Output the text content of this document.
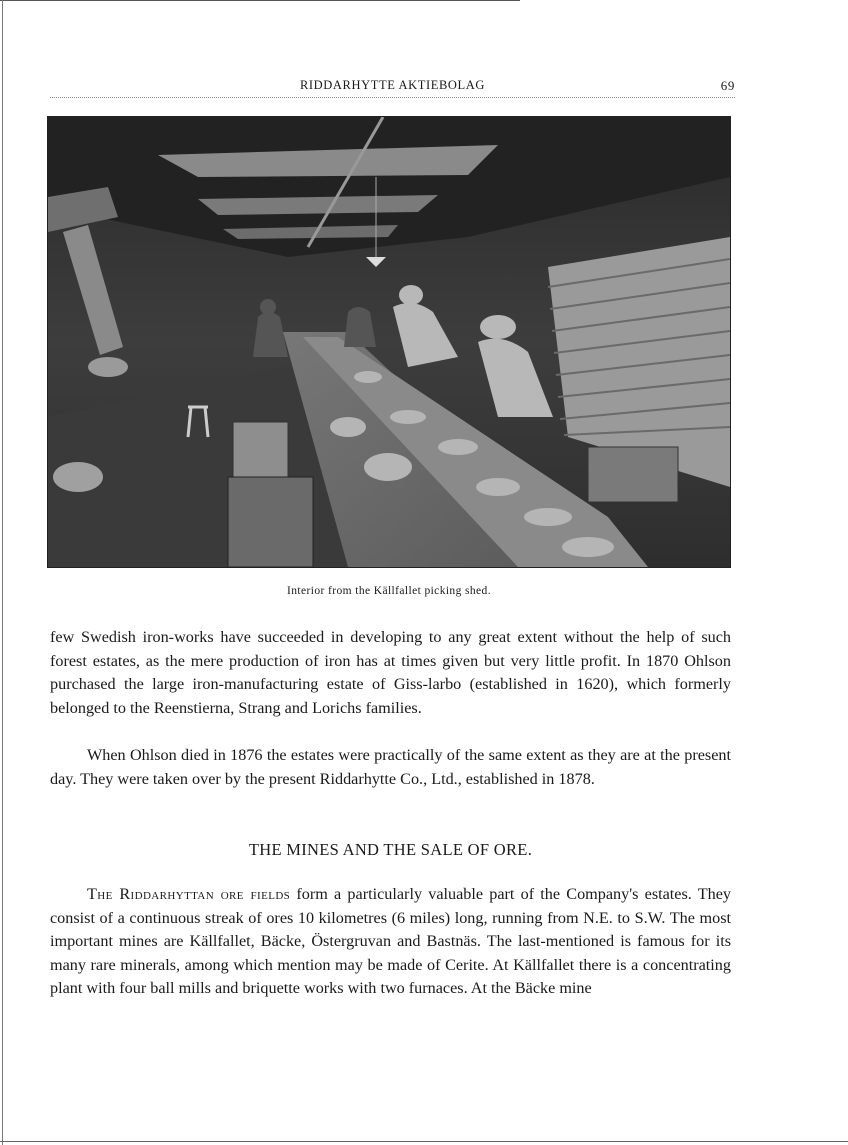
RIDDARHYTTE AKTIEBOLAG	69
Interior from the Källfallet picking shed.

few Swedish iron-works have succeeded in developing to any great extent without the help of such forest estates, as the mere production of iron has at times given but very little profit. In 1870 Ohlson purchased the large iron-manufacturing estate of Giss-larbo (established in 1620), which formerly belonged to the Reenstierna, Strang and Lorichs families.

When Ohlson died in 1876 the estates were practically of the same extent as they are at the present day. They were taken over by the present Riddarhytte Co., Ltd., established in 1878.

THE MINES AND THE SALE OF ORE.

The Riddarhyttan ore fields form a particularly valuable part of the Company's estates. They consist of a continuous streak of ores 10 kilometres (6 miles) long, running from N.E. to S.W. The most important mines are Källfallet, Bäcke, Östergruvan and Bastnäs. The last-mentioned is famous for its many rare minerals, among which mention may be made of Cerite. At Källfallet there is a concentrating plant with four ball mills and briquette works with two furnaces. At the Bäcke mine
